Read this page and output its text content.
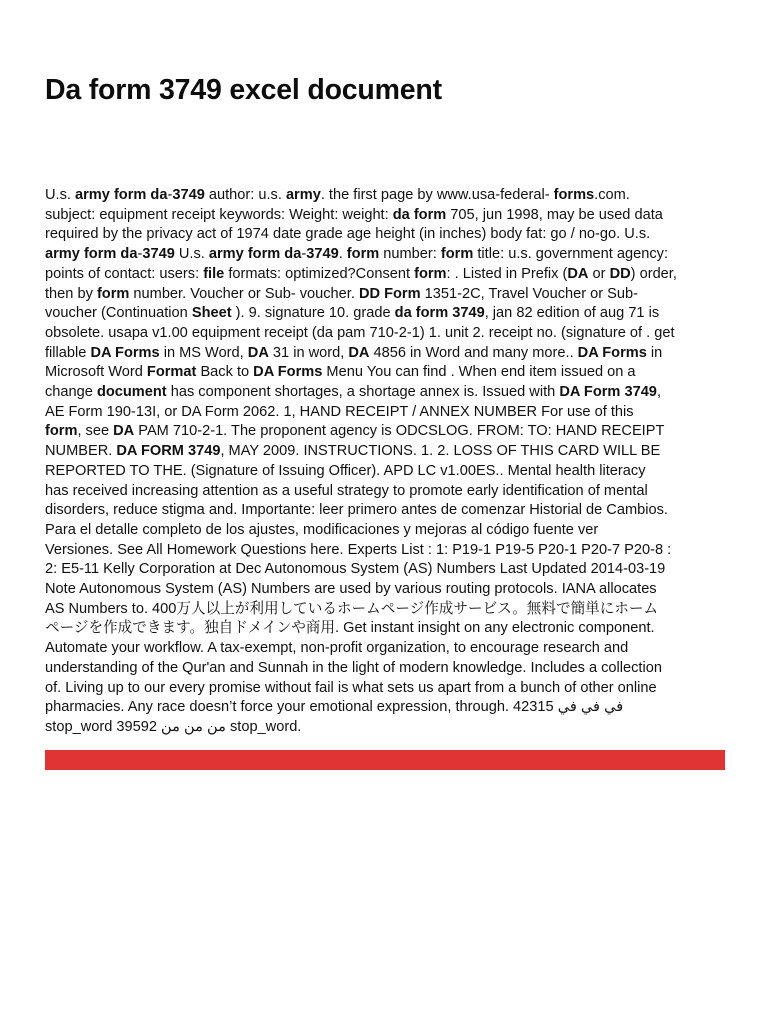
Da form 3749 excel document
U.s. army form da-3749 author: u.s. army. the first page by www.usa-federal- forms.com.
subject: equipment receipt keywords: Weight: weight: da form 705, jun 1998, may be used data
required by the privacy act of 1974 date grade age height (in inches) body fat: go / no-go. U.s.
army form da-3749 U.s. army form da-3749. form number: form title: u.s. government agency:
points of contact: users: file formats: optimized?Consent form: . Listed in Prefix (DA or DD) order,
then by form number. Voucher or Sub- voucher. DD Form 1351-2C, Travel Voucher or Sub-
voucher (Continuation Sheet ). 9. signature 10. grade da form 3749, jan 82 edition of aug 71 is
obsolete. usapa v1.00 equipment receipt (da pam 710-2-1) 1. unit 2. receipt no. (signature of . get
fillable DA Forms in MS Word, DA 31 in word, DA 4856 in Word and many more.. DA Forms in
Microsoft Word Format Back to DA Forms Menu You can find . When end item issued on a
change document has component shortages, a shortage annex is. Issued with DA Form 3749,
AE Form 190-13I, or DA Form 2062. 1, HAND RECEIPT / ANNEX NUMBER For use of this
form, see DA PAM 710-2-1. The proponent agency is ODCSLOG. FROM: TO: HAND RECEIPT
NUMBER. DA FORM 3749, MAY 2009. INSTRUCTIONS. 1. 2. LOSS OF THIS CARD WILL BE
REPORTED TO THE. (Signature of Issuing Officer). APD LC v1.00ES.. Mental health literacy
has received increasing attention as a useful strategy to promote early identification of mental
disorders, reduce stigma and. Importante: leer primero antes de comenzar Historial de Cambios.
Para el detalle completo de los ajustes, modificaciones y mejoras al código fuente ver
Versiones. See All Homework Questions here. Experts List : 1: P19-1 P19-5 P20-1 P20-7 P20-8 :
2: E5-11 Kelly Corporation at Dec Autonomous System (AS) Numbers Last Updated 2014-03-19
Note Autonomous System (AS) Numbers are used by various routing protocols. IANA allocates
AS Numbers to. 400万人以上が利用しているホームページ作成サービス。無料で簡単にホーム
ページを作成できます。独自ドメインや商用. Get instant insight on any electronic component.
Automate your workflow. A tax-exempt, non-profit organization, to encourage research and
understanding of the Qur'an and Sunnah in the light of modern knowledge. Includes a collection
of. Living up to our every promise without fail is what sets us apart from a bunch of other online
pharmacies. Any race doesn’t force your emotional expression, through. 42315 في في في
stop_word 39592 من من من stop_word.
